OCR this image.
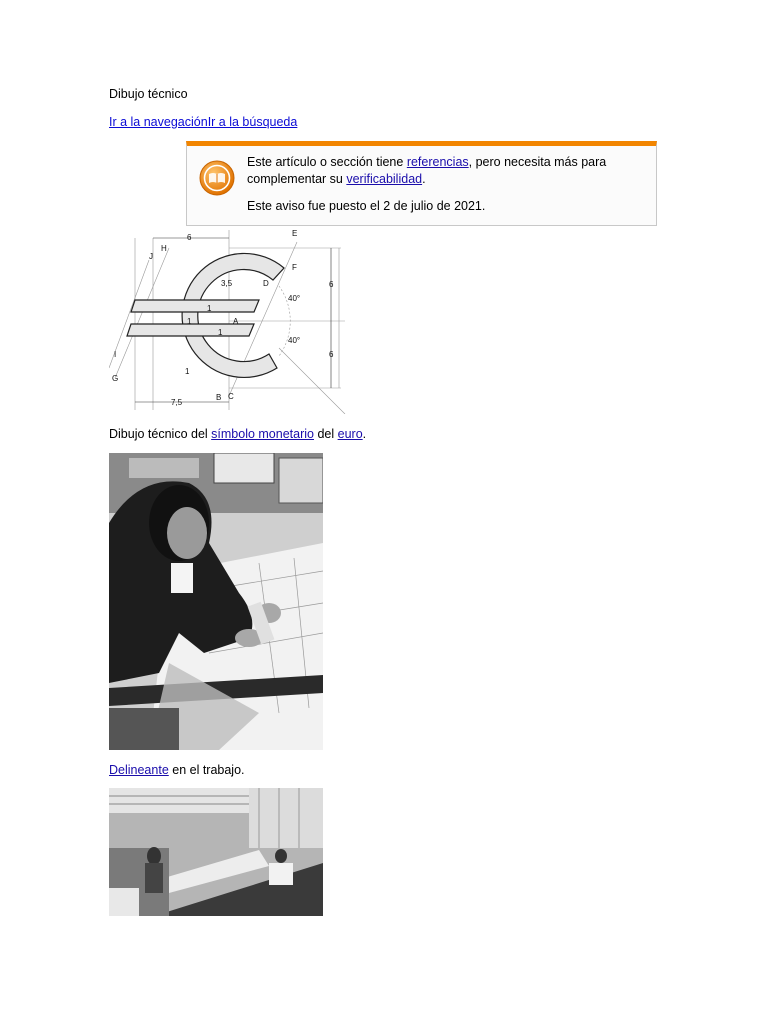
Dibujo técnico
Ir a la navegaciónIr a la búsqueda

Este artículo o sección tiene referencias, pero necesita más para complementar su verificabilidad.

Este aviso fue puesto el 2 de julio de 2021.

6
H
J
E
F
D
3,5
1
1
1
1
A
40°
40°
6
6
I
G
B C
7,5
Dibujo técnico del símbolo monetario del euro.
Delineante en el trabajo.
